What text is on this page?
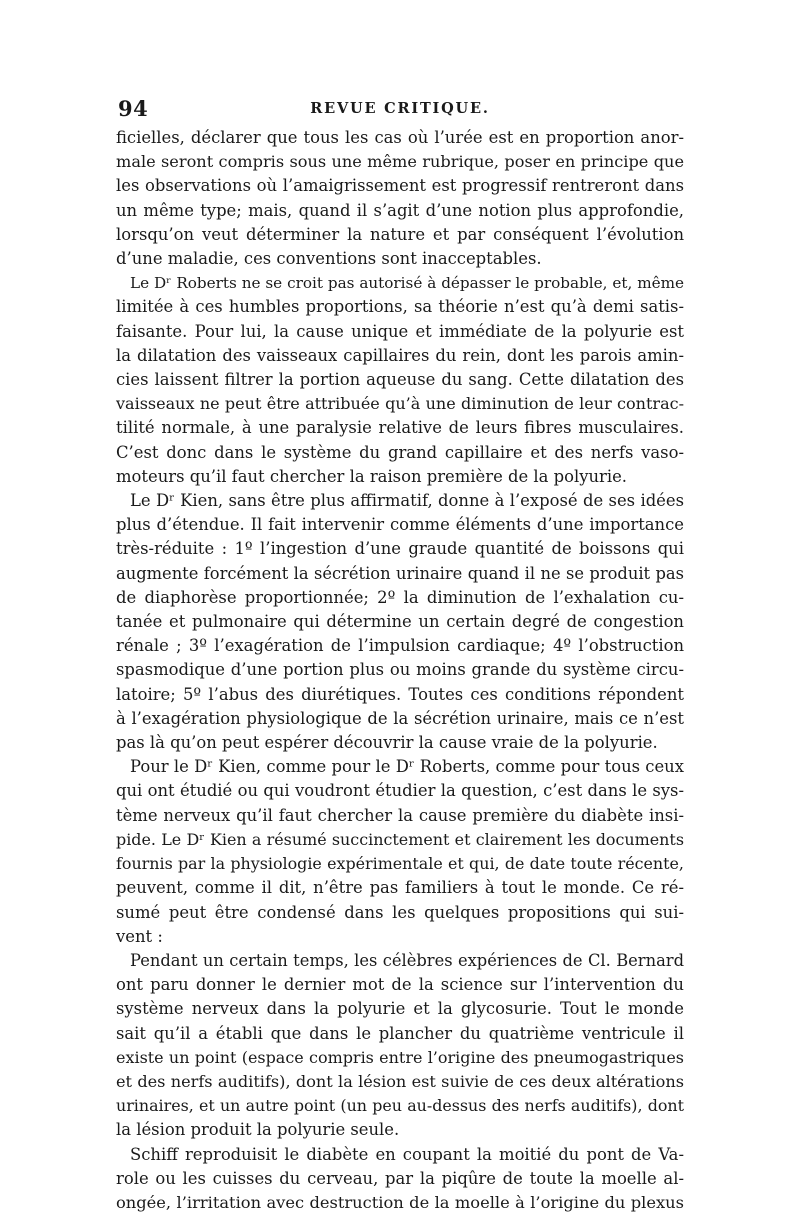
94	REVUE CRITIQUE.
ficielles, déclarer que tous les cas où l’urée est en proportion anor-
male seront compris sous une même rubrique, poser en principe que
les observations où l’amaigrissement est progressif rentreront dans
un même type; mais, quand il s’agit d’une notion plus approfondie,
lorsqu’on veut déterminer la nature et par conséquent l’évolution
d’une maladie, ces conventions sont inacceptables.
Le Dʳ Roberts ne se croit pas autorisé à dépasser le probable, et, même
limitée à ces humbles proportions, sa théorie n’est qu’à demi satis-
faisante. Pour lui, la cause unique et immédiate de la polyurie est
la dilatation des vaisseaux capillaires du rein, dont les parois amin-
cies laissent filtrer la portion aqueuse du sang. Cette dilatation des
vaisseaux ne peut être attribuée qu’à une diminution de leur contrac-
tilité normale, à une paralysie relative de leurs fibres musculaires.
C’est donc dans le système du grand capillaire et des nerfs vaso-
moteurs qu’il faut chercher la raison première de la polyurie.
Le Dʳ Kien, sans être plus affirmatif, donne à l’exposé de ses idées
plus d’étendue. Il fait intervenir comme éléments d’une importance
très-réduite : 1º l’ingestion d’une graude quantité de boissons qui
augmente forcément la sécrétion urinaire quand il ne se produit pas
de diaphorèse proportionnée; 2º la diminution de l’exhalation cu-
tanée et pulmonaire qui détermine un certain degré de congestion
rénale ; 3º l’exagération de l’impulsion cardiaque; 4º l’obstruction
spasmodique d’une portion plus ou moins grande du système circu-
latoire; 5º l’abus des diurétiques. Toutes ces conditions répondent
à l’exagération physiologique de la sécrétion urinaire, mais ce n’est
pas là qu’on peut espérer découvrir la cause vraie de la polyurie.
Pour le Dʳ Kien, comme pour le Dʳ Roberts, comme pour tous ceux
qui ont étudié ou qui voudront étudier la question, c’est dans le sys-
tème nerveux qu’il faut chercher la cause première du diabète insi-
pide. Le Dʳ Kien a résumé succinctement et clairement les documents
fournis par la physiologie expérimentale et qui, de date toute récente,
peuvent, comme il dit, n’être pas familiers à tout le monde. Ce ré-
sumé peut être condensé dans les quelques propositions qui sui-
vent :
Pendant un certain temps, les célèbres expériences de Cl. Bernard
ont paru donner le dernier mot de la science sur l’intervention du
système nerveux dans la polyurie et la glycosurie. Tout le monde
sait qu’il a établi que dans le plancher du quatrième ventricule il
existe un point (espace compris entre l’origine des pneumogastriques
et des nerfs auditifs), dont la lésion est suivie de ces deux altérations
urinaires, et un autre point (un peu au-dessus des nerfs auditifs), dont
la lésion produit la polyurie seule.
Schiff reproduisit le diabète en coupant la moitié du pont de Va-
role ou les cuisses du cerveau, par la piqûre de toute la moelle al-
ongée, l’irritation avec destruction de la moelle à l’origine du plexus
